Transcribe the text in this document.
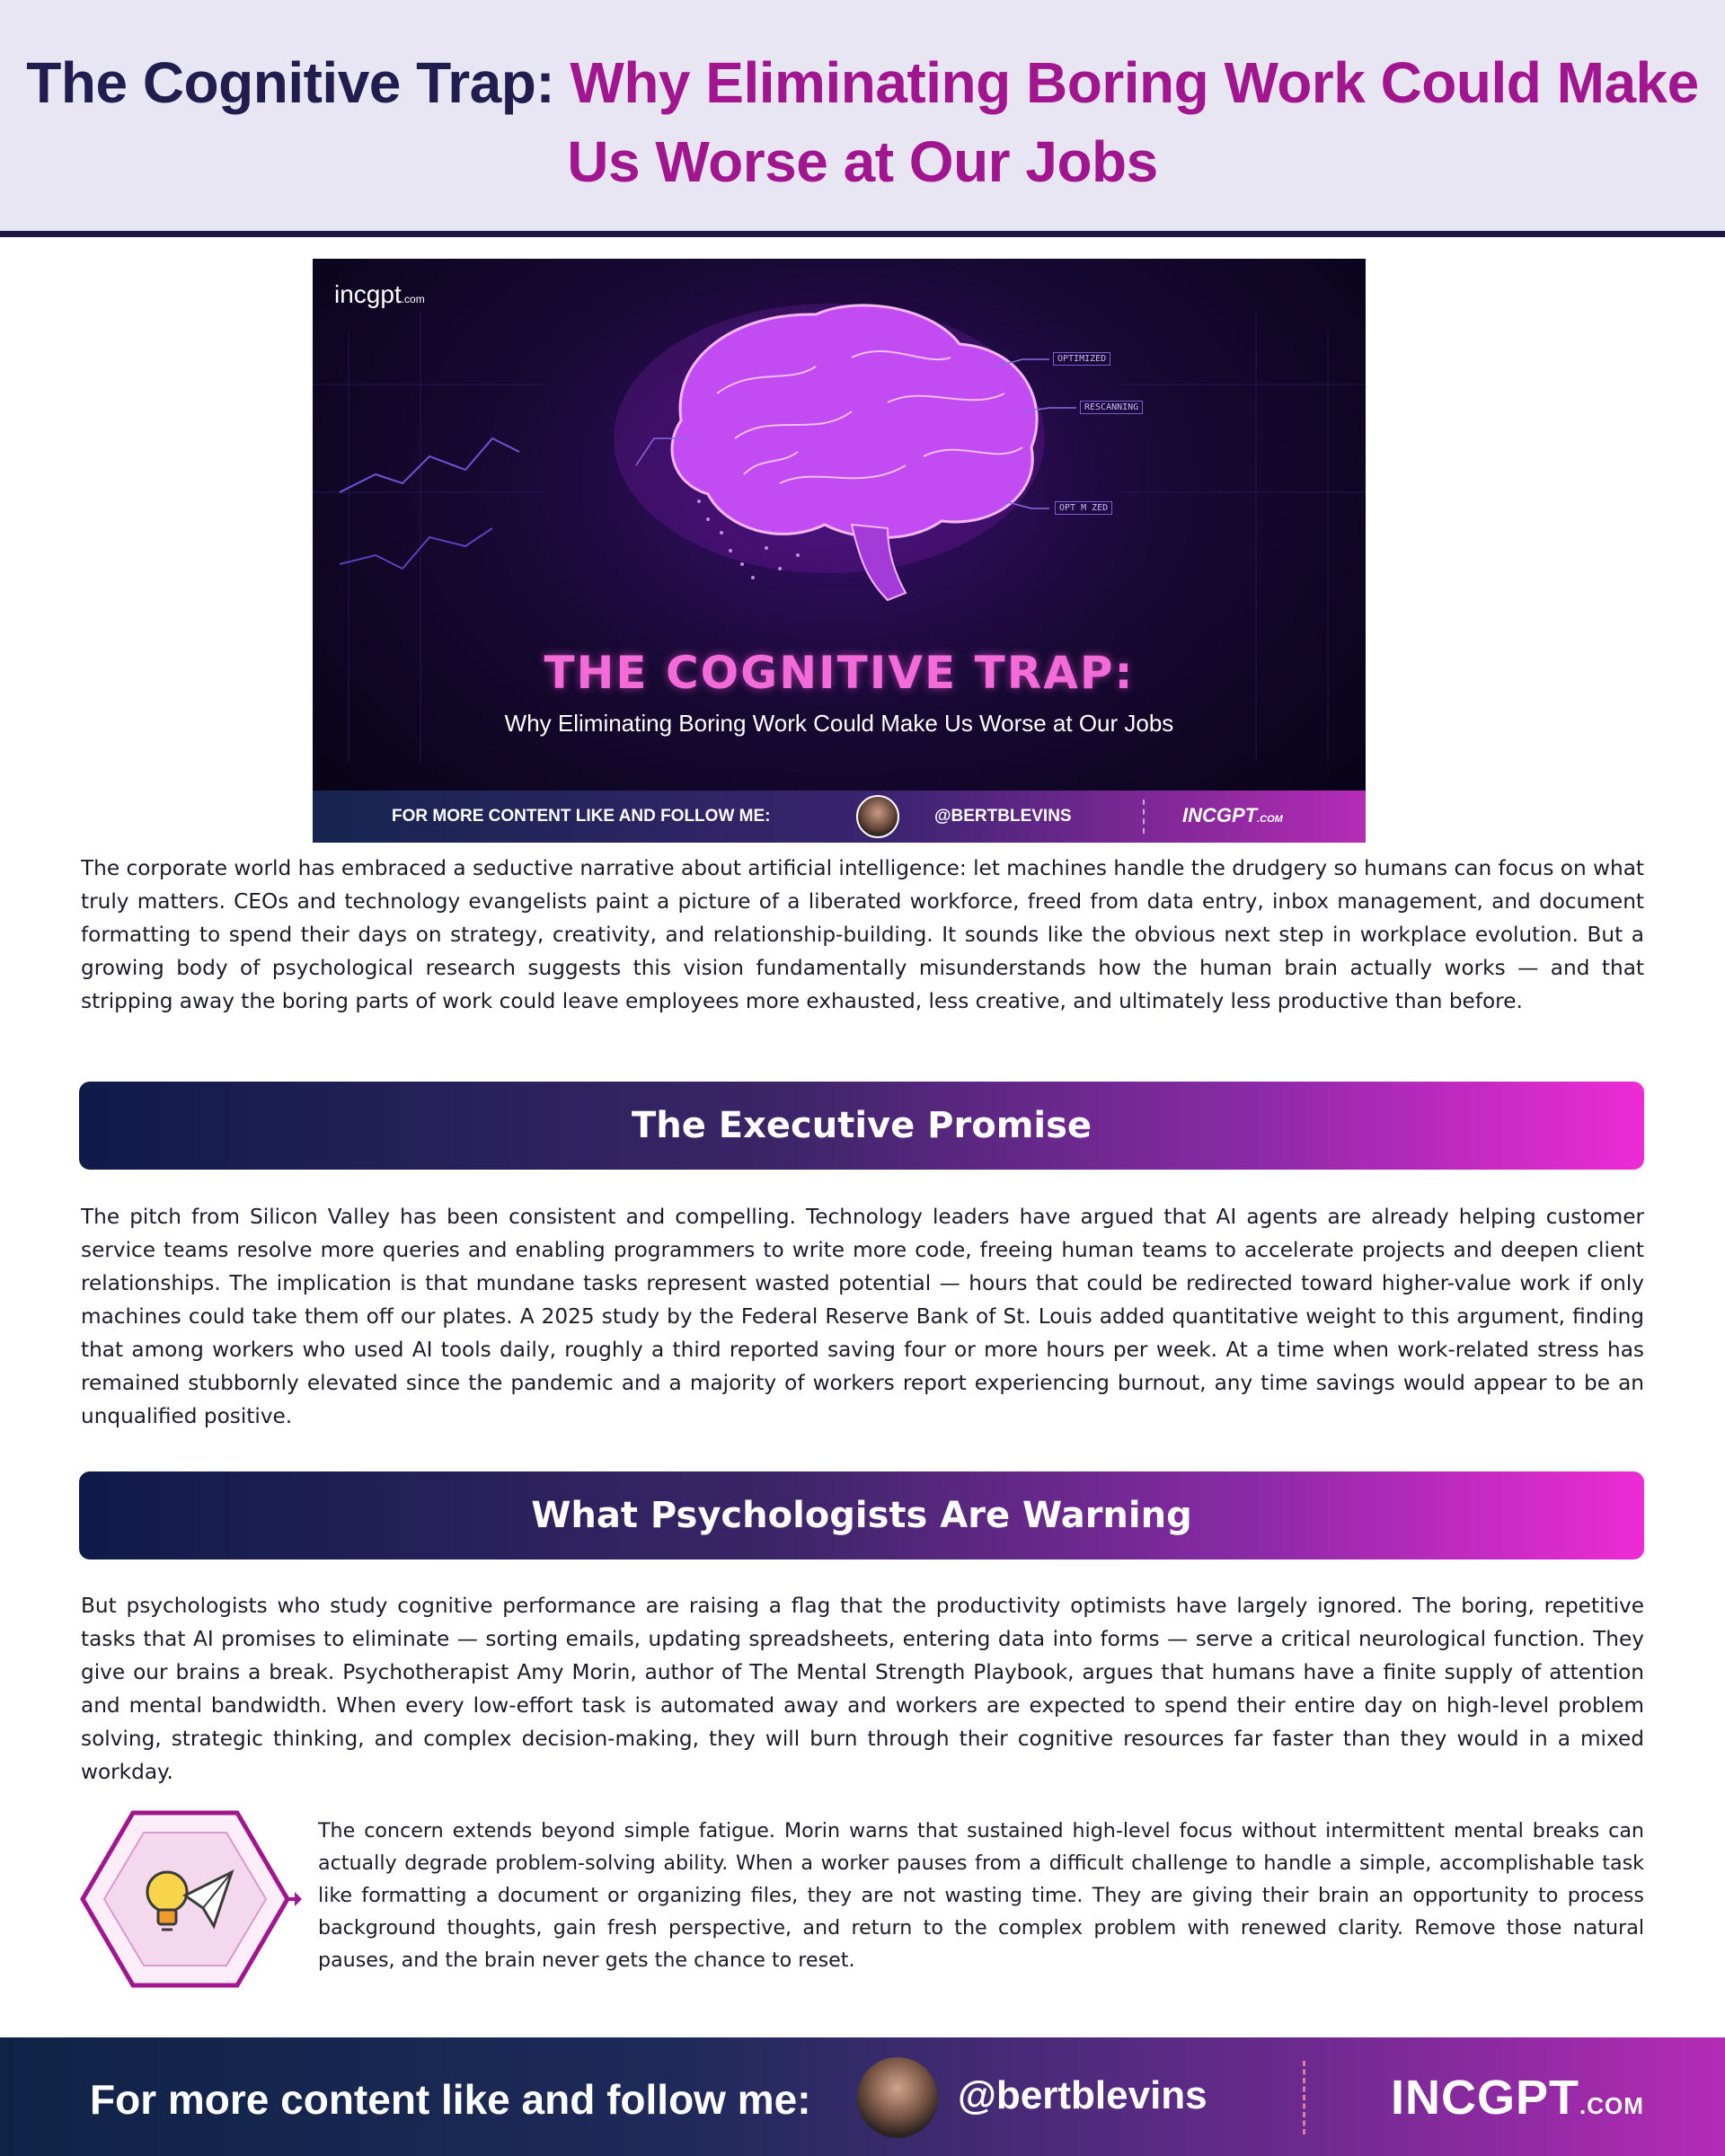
The Cognitive Trap: Why Eliminating Boring Work Could Make Us Worse at Our Jobs
incgpt.com
OPTIMIZED
RESCANNING
OPT M ZED
THE COGNITIVE TRAP:
Why Eliminating Boring Work Could Make Us Worse at Our Jobs
FOR MORE CONTENT LIKE AND FOLLOW ME:	@BERTBLEVINS	INCGPT.COM

The corporate world has embraced a seductive narrative about artificial intelligence: let machines handle the drudgery so humans can focus on what truly matters. CEOs and technology evangelists paint a picture of a liberated workforce, freed from data entry, inbox management, and document formatting to spend their days on strategy, creativity, and relationship-building. It sounds like the obvious next step in workplace evolution. But a growing body of psychological research suggests this vision fundamentally misunderstands how the human brain actually works — and that stripping away the boring parts of work could leave employees more exhausted, less creative, and ultimately less productive than before.

The Executive Promise

The pitch from Silicon Valley has been consistent and compelling. Technology leaders have argued that AI agents are already helping customer service teams resolve more queries and enabling programmers to write more code, freeing human teams to accelerate projects and deepen client relationships. The implication is that mundane tasks represent wasted potential — hours that could be redirected toward higher-value work if only machines could take them off our plates. A 2025 study by the Federal Reserve Bank of St. Louis added quantitative weight to this argument, finding that among workers who used AI tools daily, roughly a third reported saving four or more hours per week. At a time when work-related stress has remained stubbornly elevated since the pandemic and a majority of workers report experiencing burnout, any time savings would appear to be an unqualified positive.

What Psychologists Are Warning

But psychologists who study cognitive performance are raising a flag that the productivity optimists have largely ignored. The boring, repetitive tasks that AI promises to eliminate — sorting emails, updating spreadsheets, entering data into forms — serve a critical neurological function. They give our brains a break. Psychotherapist Amy Morin, author of The Mental Strength Playbook, argues that humans have a finite supply of attention and mental bandwidth. When every low-effort task is automated away and workers are expected to spend their entire day on high-level problem solving, strategic thinking, and complex decision-making, they will burn through their cognitive resources far faster than they would in a mixed workday.

The concern extends beyond simple fatigue. Morin warns that sustained high-level focus without intermittent mental breaks can actually degrade problem-solving ability. When a worker pauses from a difficult challenge to handle a simple, accomplishable task like formatting a document or organizing files, they are not wasting time. They are giving their brain an opportunity to process background thoughts, gain fresh perspective, and return to the complex problem with renewed clarity. Remove those natural pauses, and the brain never gets the chance to reset.

For more content like and follow me:	@bertblevins	INCGPT.COM
